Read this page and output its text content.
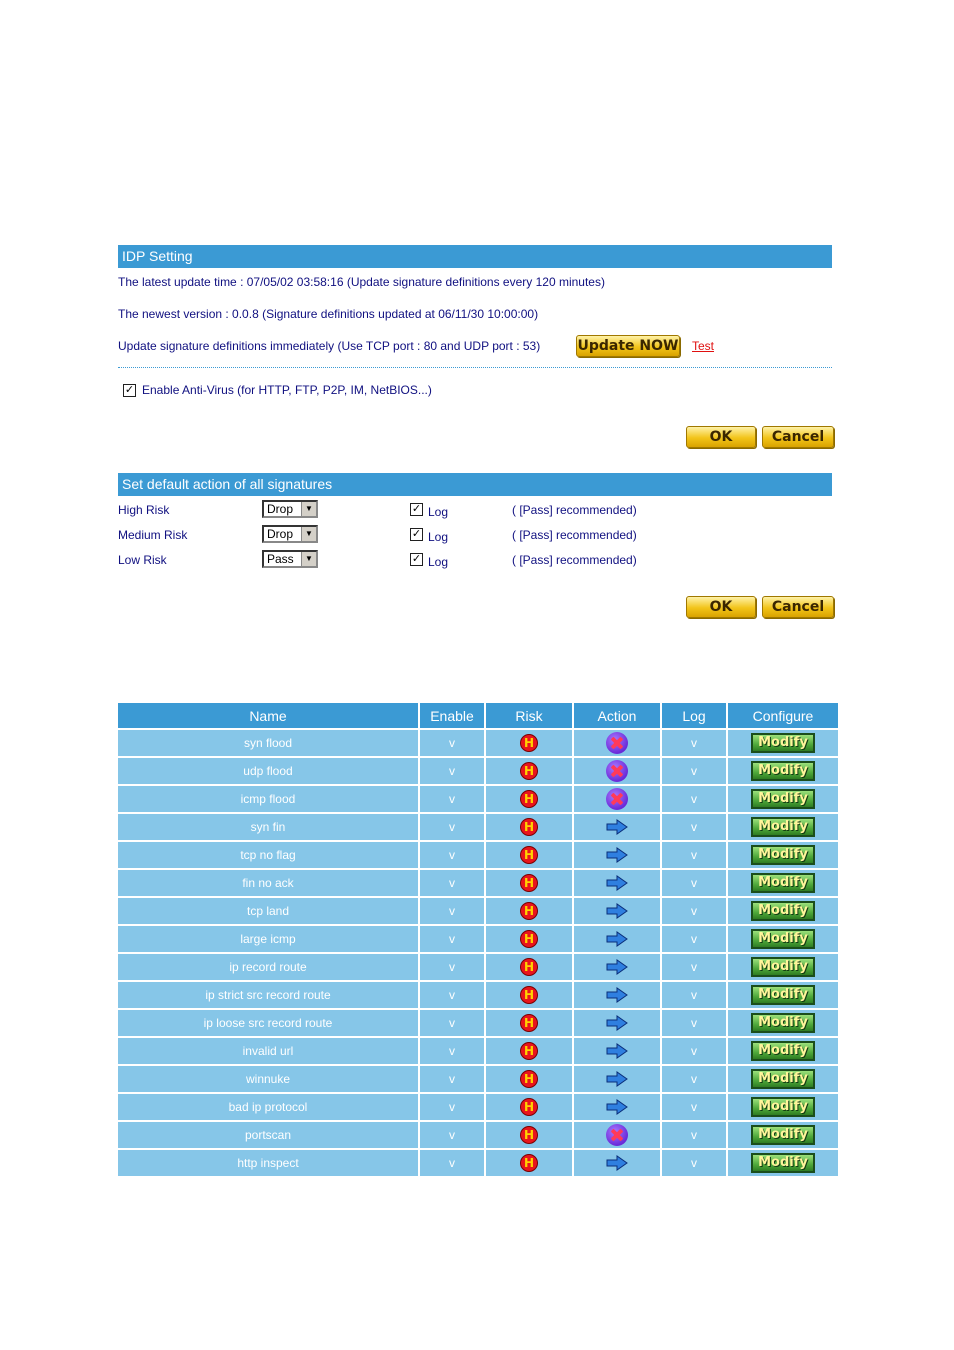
IDP Setting
The latest update time : 07/05/02 03:58:16 (Update signature definitions every 120 minutes)
The newest version : 0.0.8 (Signature definitions updated at 06/11/30 10:00:00)
Update signature definitions immediately (Use TCP port : 80 and UDP port : 53)	Update NOW Test
✓ Enable Anti-Virus (for HTTP, FTP, P2P, IM, NetBIOS...)
OK	Cancel
Set default action of all signatures
High Risk	Drop	▼	✓ Log	( [Pass] recommended)
Medium Risk	Drop	▼	✓ Log	( [Pass] recommended)
Low Risk	Pass	▼	✓ Log	( [Pass] recommended)
OK	Cancel
Name	Enable	Risk	Action	Log	Configure
syn flood	v	H		v	Modify
udp flood	v	H		v	Modify
icmp flood	v	H		v	Modify
syn fin	v	H		v	Modify
tcp no flag	v	H		v	Modify
fin no ack	v	H		v	Modify
tcp land	v	H		v	Modify
large icmp	v	H		v	Modify
ip record route	v	H		v	Modify
ip strict src record route	v	H		v	Modify
ip loose src record route	v	H		v	Modify
invalid url	v	H		v	Modify
winnuke	v	H		v	Modify
bad ip protocol	v	H		v	Modify
portscan	v	H		v	Modify
http inspect	v	H		v	Modify
